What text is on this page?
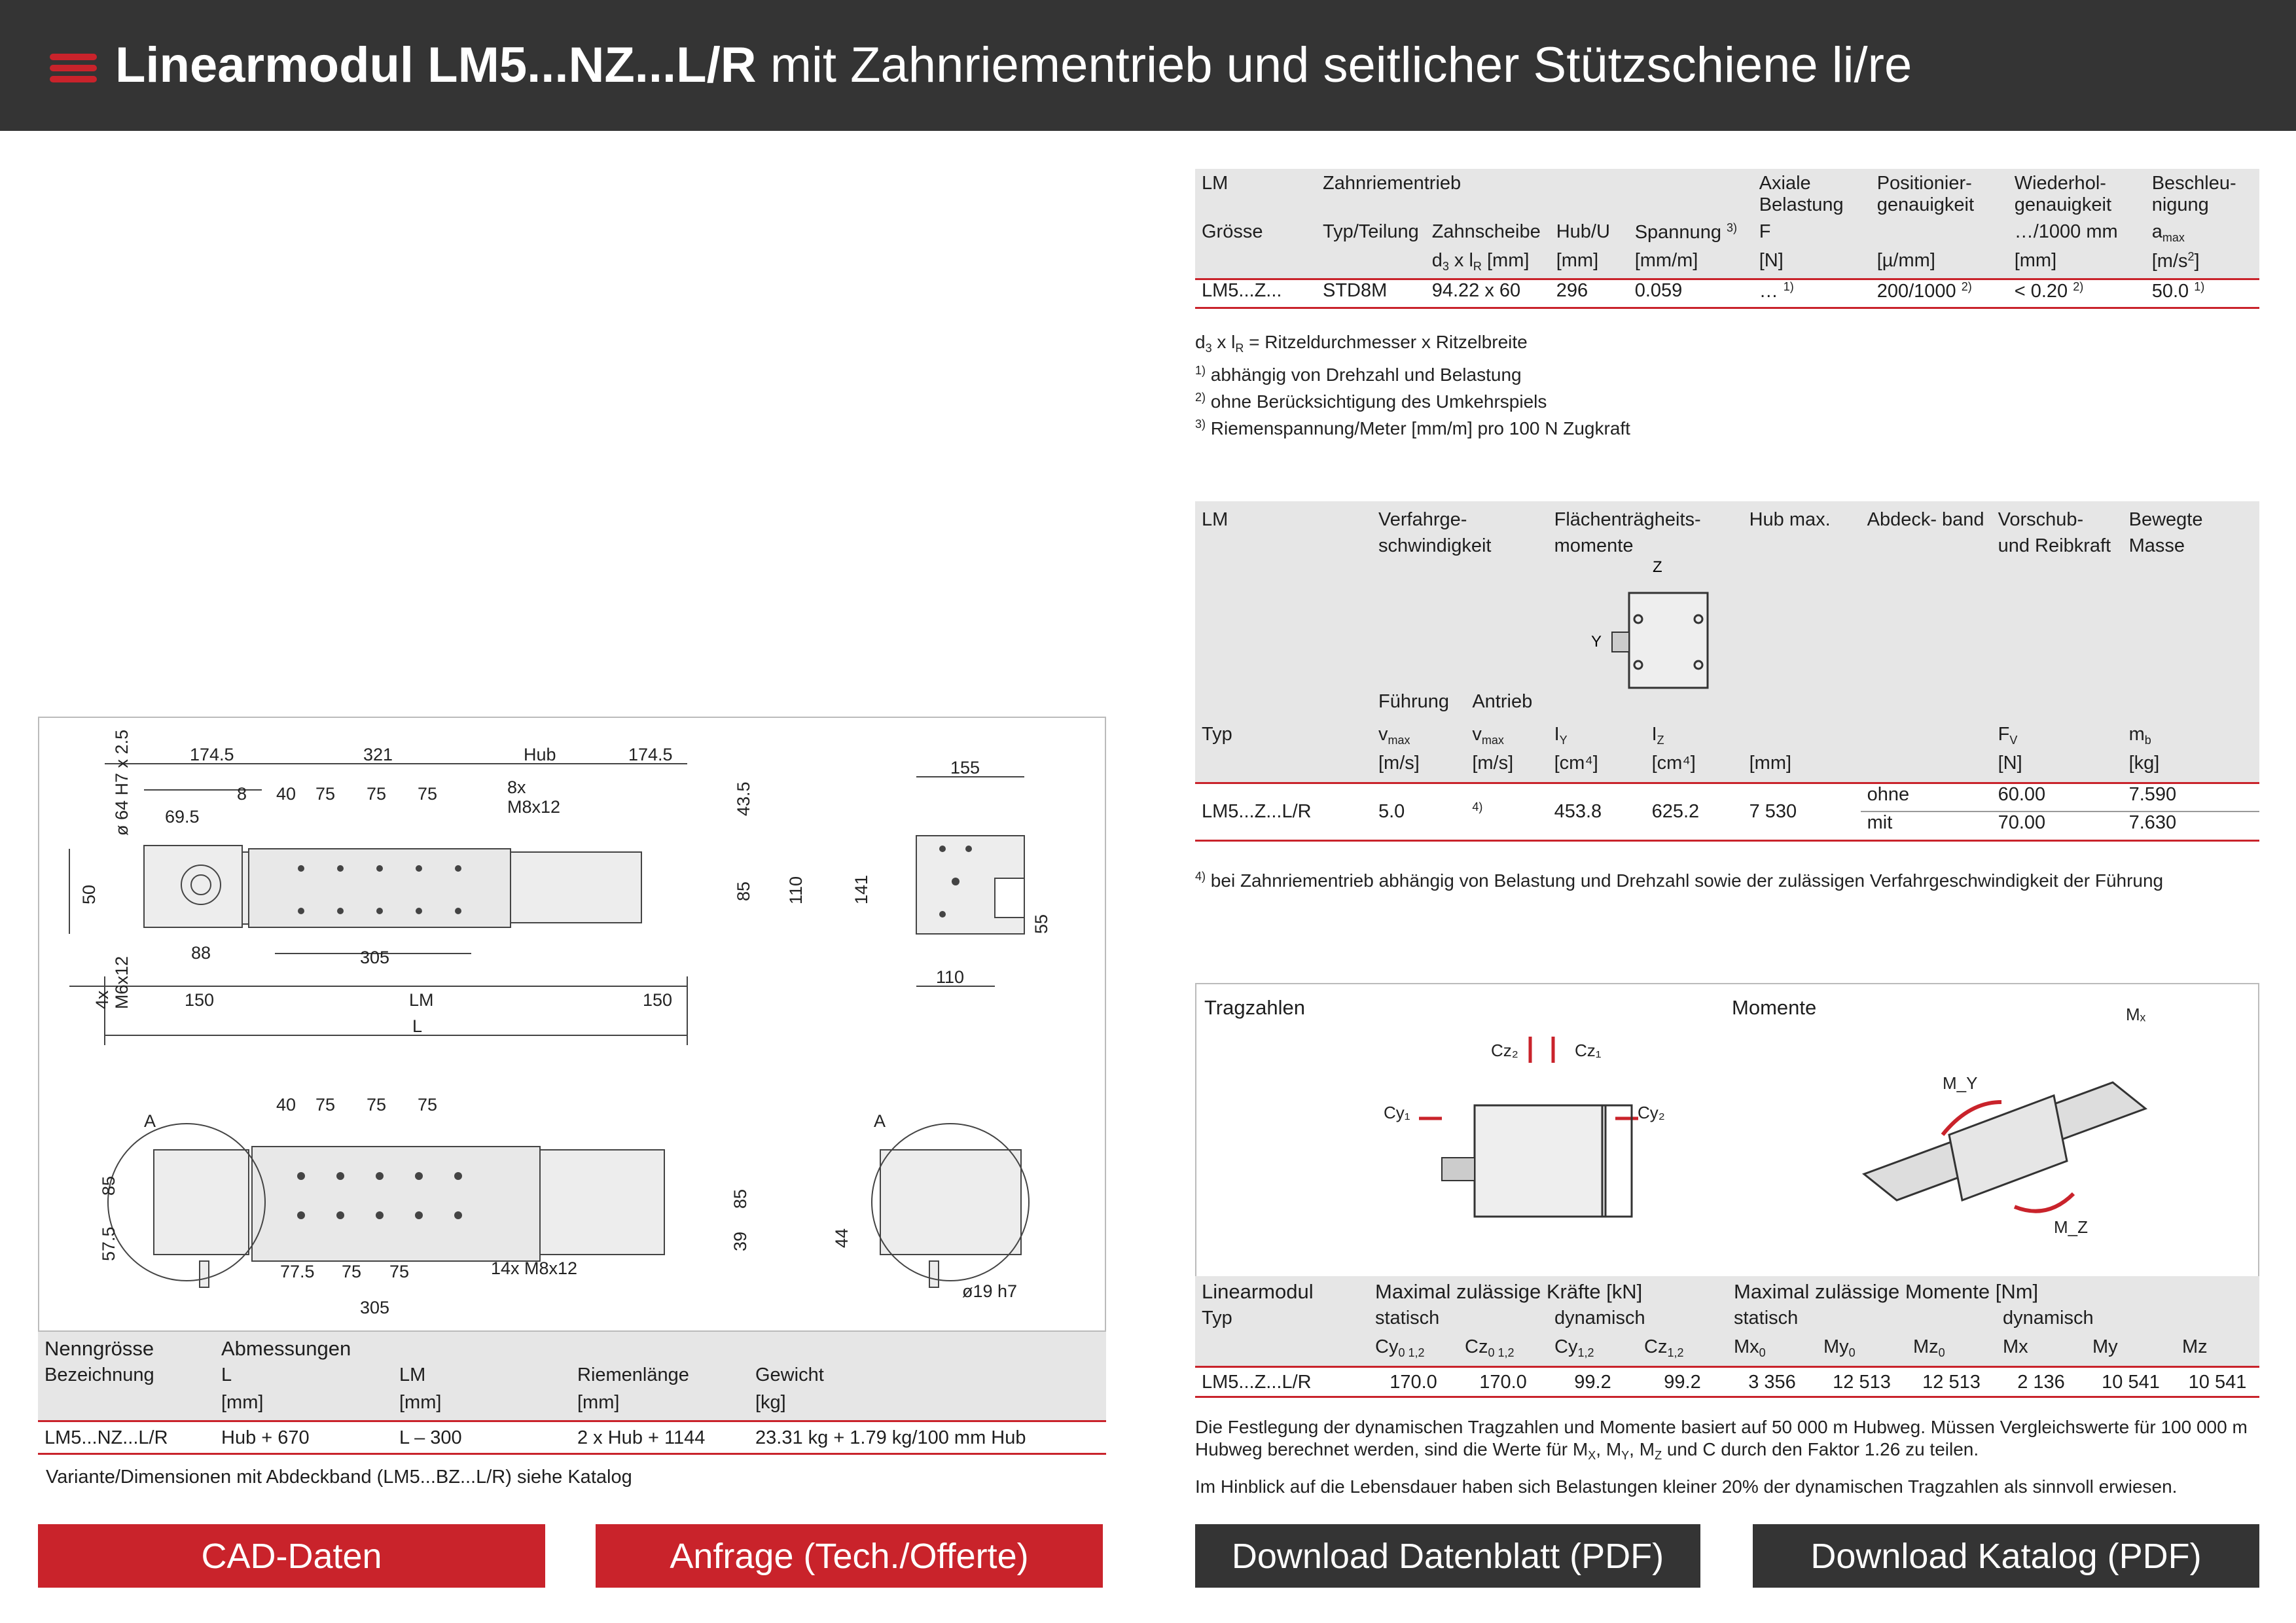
Linearmodul LM5...NZ...L/R mit Zahnriementrieb und seitlicher Stützschiene li/re
174.5	321	Hub	174.5
8 40 75 75 75
69.5
8x
M8x12
88	305
150	LM	150
L
155
110
A
40 75 75 75
77.5 75 75
305
14x M8x12
A
ø19 h7
ø 64 H7 x 2.5	43.5
85 110
50
4x M6x12
141
55
85
57.5
85
39	44
Nenngrösse	Abmessungen			
Bezeichnung	L	LM	Riemenlänge	Gewicht
	[mm]	[mm]	[mm]	[kg]
LM5...NZ...L/R	Hub + 670	L – 300	2 x Hub + 1144	23.31 kg + 1.79 kg/100 mm Hub
Variante/Dimensionen mit Abdeckband (LM5...BZ...L/R) siehe Katalog
LM	Zahnriementrieb				Axiale Belastung	Positionier- genauigkeit	Wiederhol- genauigkeit	Beschleu- nigung
Grösse	Typ/Teilung	Zahnscheibe	Hub/U	Spannung $^{3)}$	F		…/1000 mm	$a_{max}$
		$d_3$ x $l_R$ [mm]	[mm]	[mm/m]	[N]	[µ/mm]	[mm]	$[m/s^2]$
LM5...Z...	STD8M	94.22 x 60	296	0.059	… $^{1)}$	200/1000 $^{2)}$	< 0.20 $^{2)}$	50.0 $^{1)}$
$d_3$ x $l_R$ = Ritzeldurchmesser x Ritzelbreite
$^{1)}$ abhängig von Drehzahl und Belastung
$^{2)}$ ohne Berücksichtigung des Umkehrspiels
$^{3)}$ Riemenspannung/Meter [mm/m] pro 100 N Zugkraft
LM	Verfahrge- schwindigkeit		Flächenträgheits- momente
Z
Y		Hub max.	Abdeck- band	Vorschub- und Reibkraft	Bewegte Masse
	Führung	Antrieb						
Typ	$v_{max}$	$v_{max}$	$I_Y$	$I_Z$			$F_V$	$m_b$
	[m/s]	[m/s]	[cm⁴]	[cm⁴]	[mm]		[N]	[kg]
LM5...Z...L/R	5.0	$^{4)}$	453.8	625.2	7 530	ohne	60.00	7.590
						mit	70.00	7.630
$^{4)}$ bei Zahnriementrieb abhängig von Belastung und Drehzahl sowie der zulässigen Verfahrgeschwindigkeit der Führung
Tragzahlen	Momente
Cz₂	Cz₁
Cy₁	Cy₂
Mₓ
M_Y
M_Z
Linearmodul	Maximal zulässige Kräfte [kN]				Maximal zulässige Momente [Nm]					
Typ	statisch		dynamisch		statisch			dynamisch		
	$Cy_{0 1,2}$	$Cz_{0 1,2}$	$Cy_{1,2}$	$Cz_{1,2}$	$Mx_0$	$My_0$	$Mz_0$	Mx	My	Mz
LM5...Z...L/R	170.0	170.0	99.2	99.2	3 356	12 513	12 513	2 136	10 541	10 541
Die Festlegung der dynamischen Tragzahlen und Momente basiert auf 50 000 m Hubweg. Müssen Vergleichswerte für 100 000 m
Hubweg berechnet werden, sind die Werte für $M_X$, $M_Y$, $M_Z$ und C durch den Faktor 1.26 zu teilen.
Im Hinblick auf die Lebensdauer haben sich Belastungen kleiner 20% der dynamischen Tragzahlen als sinnvoll erwiesen.
CAD-Daten	Anfrage (Tech./Offerte)	Download Datenblatt (PDF)	Download Katalog (PDF)
